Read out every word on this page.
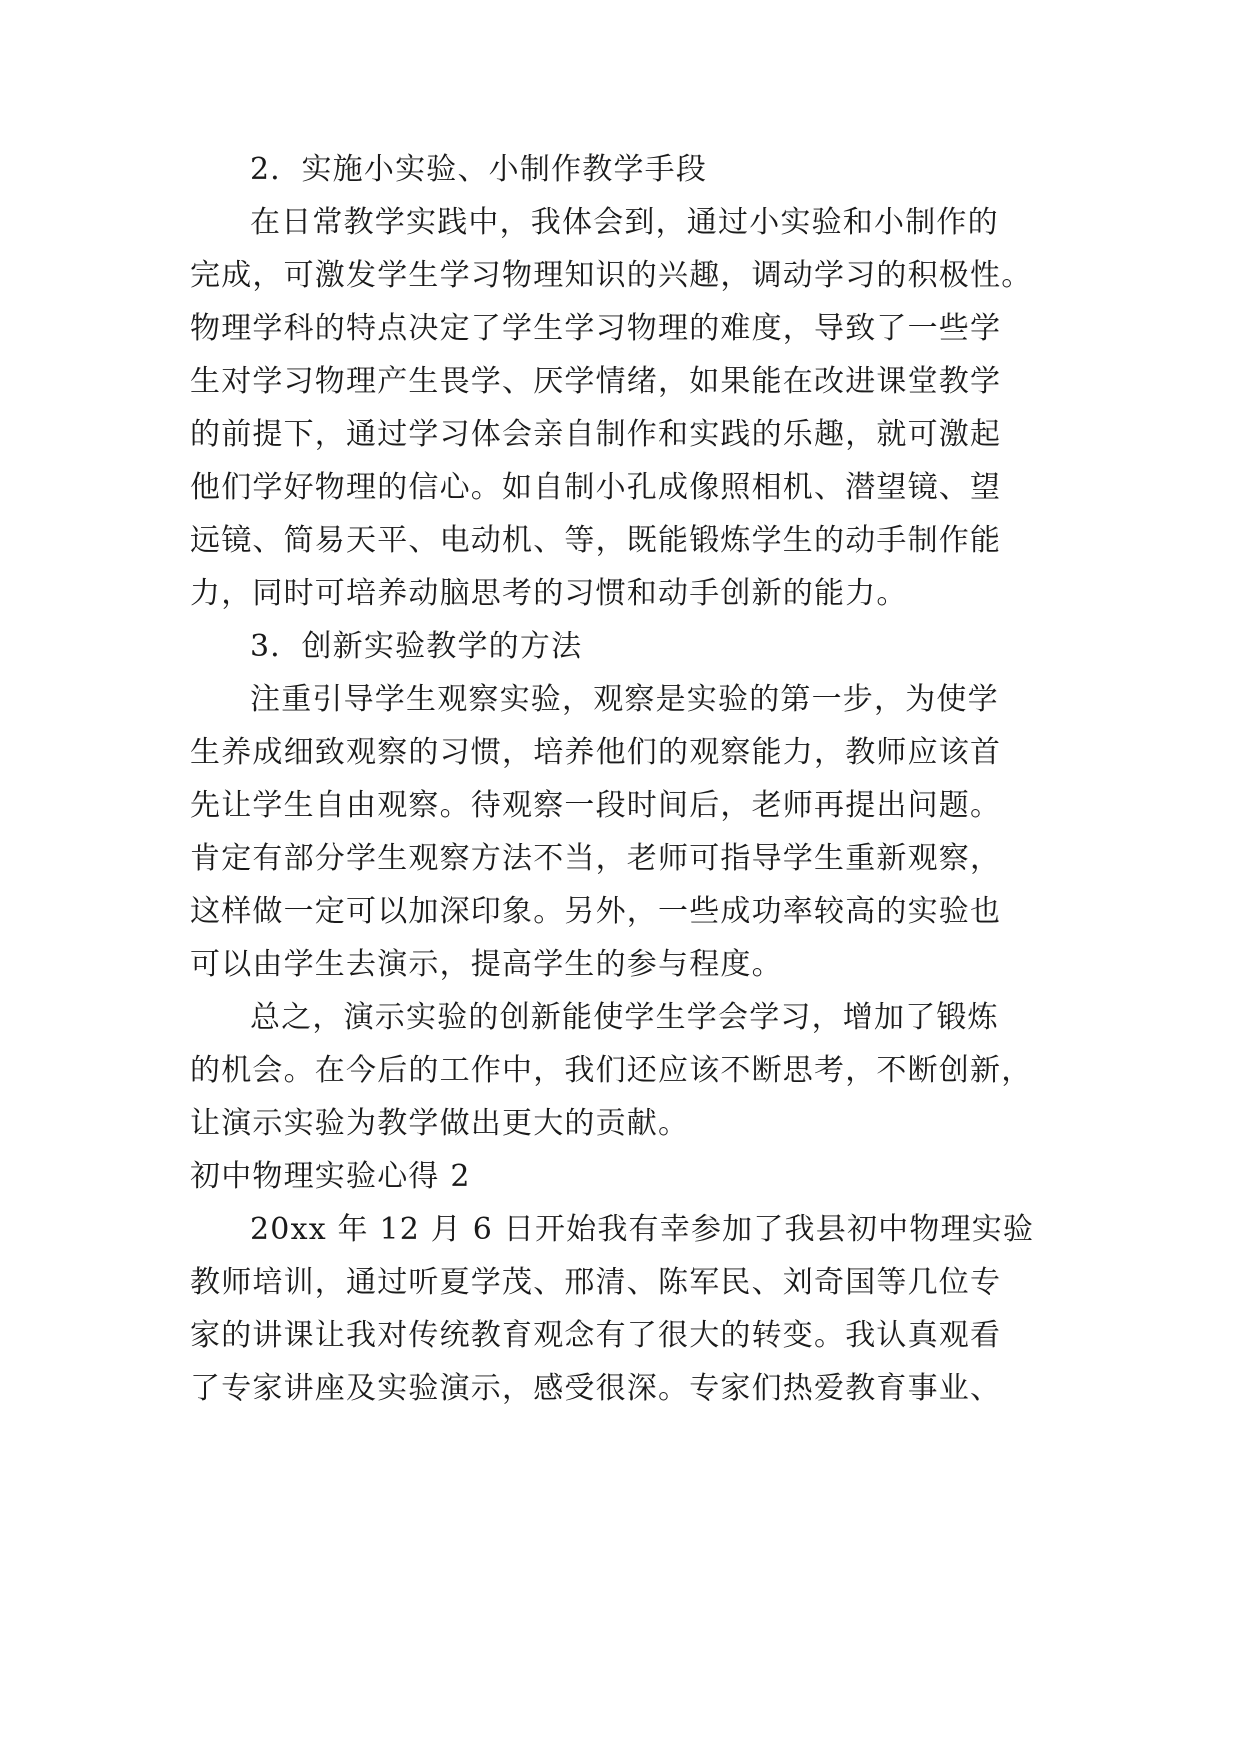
2．实施小实验、小制作教学手段
在日常教学实践中，我体会到，通过小实验和小制作的
完成，可激发学生学习物理知识的兴趣，调动学习的积极性。
物理学科的特点决定了学生学习物理的难度，导致了一些学
生对学习物理产生畏学、厌学情绪，如果能在改进课堂教学
的前提下，通过学习体会亲自制作和实践的乐趣，就可激起
他们学好物理的信心。如自制小孔成像照相机、潜望镜、望
远镜、简易天平、电动机、等，既能锻炼学生的动手制作能
力，同时可培养动脑思考的习惯和动手创新的能力。
3．创新实验教学的方法
注重引导学生观察实验，观察是实验的第一步，为使学
生养成细致观察的习惯，培养他们的观察能力，教师应该首
先让学生自由观察。待观察一段时间后，老师再提出问题。
肯定有部分学生观察方法不当，老师可指导学生重新观察，
这样做一定可以加深印象。另外，一些成功率较高的实验也
可以由学生去演示，提高学生的参与程度。
总之，演示实验的创新能使学生学会学习，增加了锻炼
的机会。在今后的工作中，我们还应该不断思考，不断创新，
让演示实验为教学做出更大的贡献。
初中物理实验心得 2
20xx 年 12 月 6 日开始我有幸参加了我县初中物理实验
教师培训，通过听夏学茂、邢清、陈军民、刘奇国等几位专
家的讲课让我对传统教育观念有了很大的转变。我认真观看
了专家讲座及实验演示，感受很深。专家们热爱教育事业、
